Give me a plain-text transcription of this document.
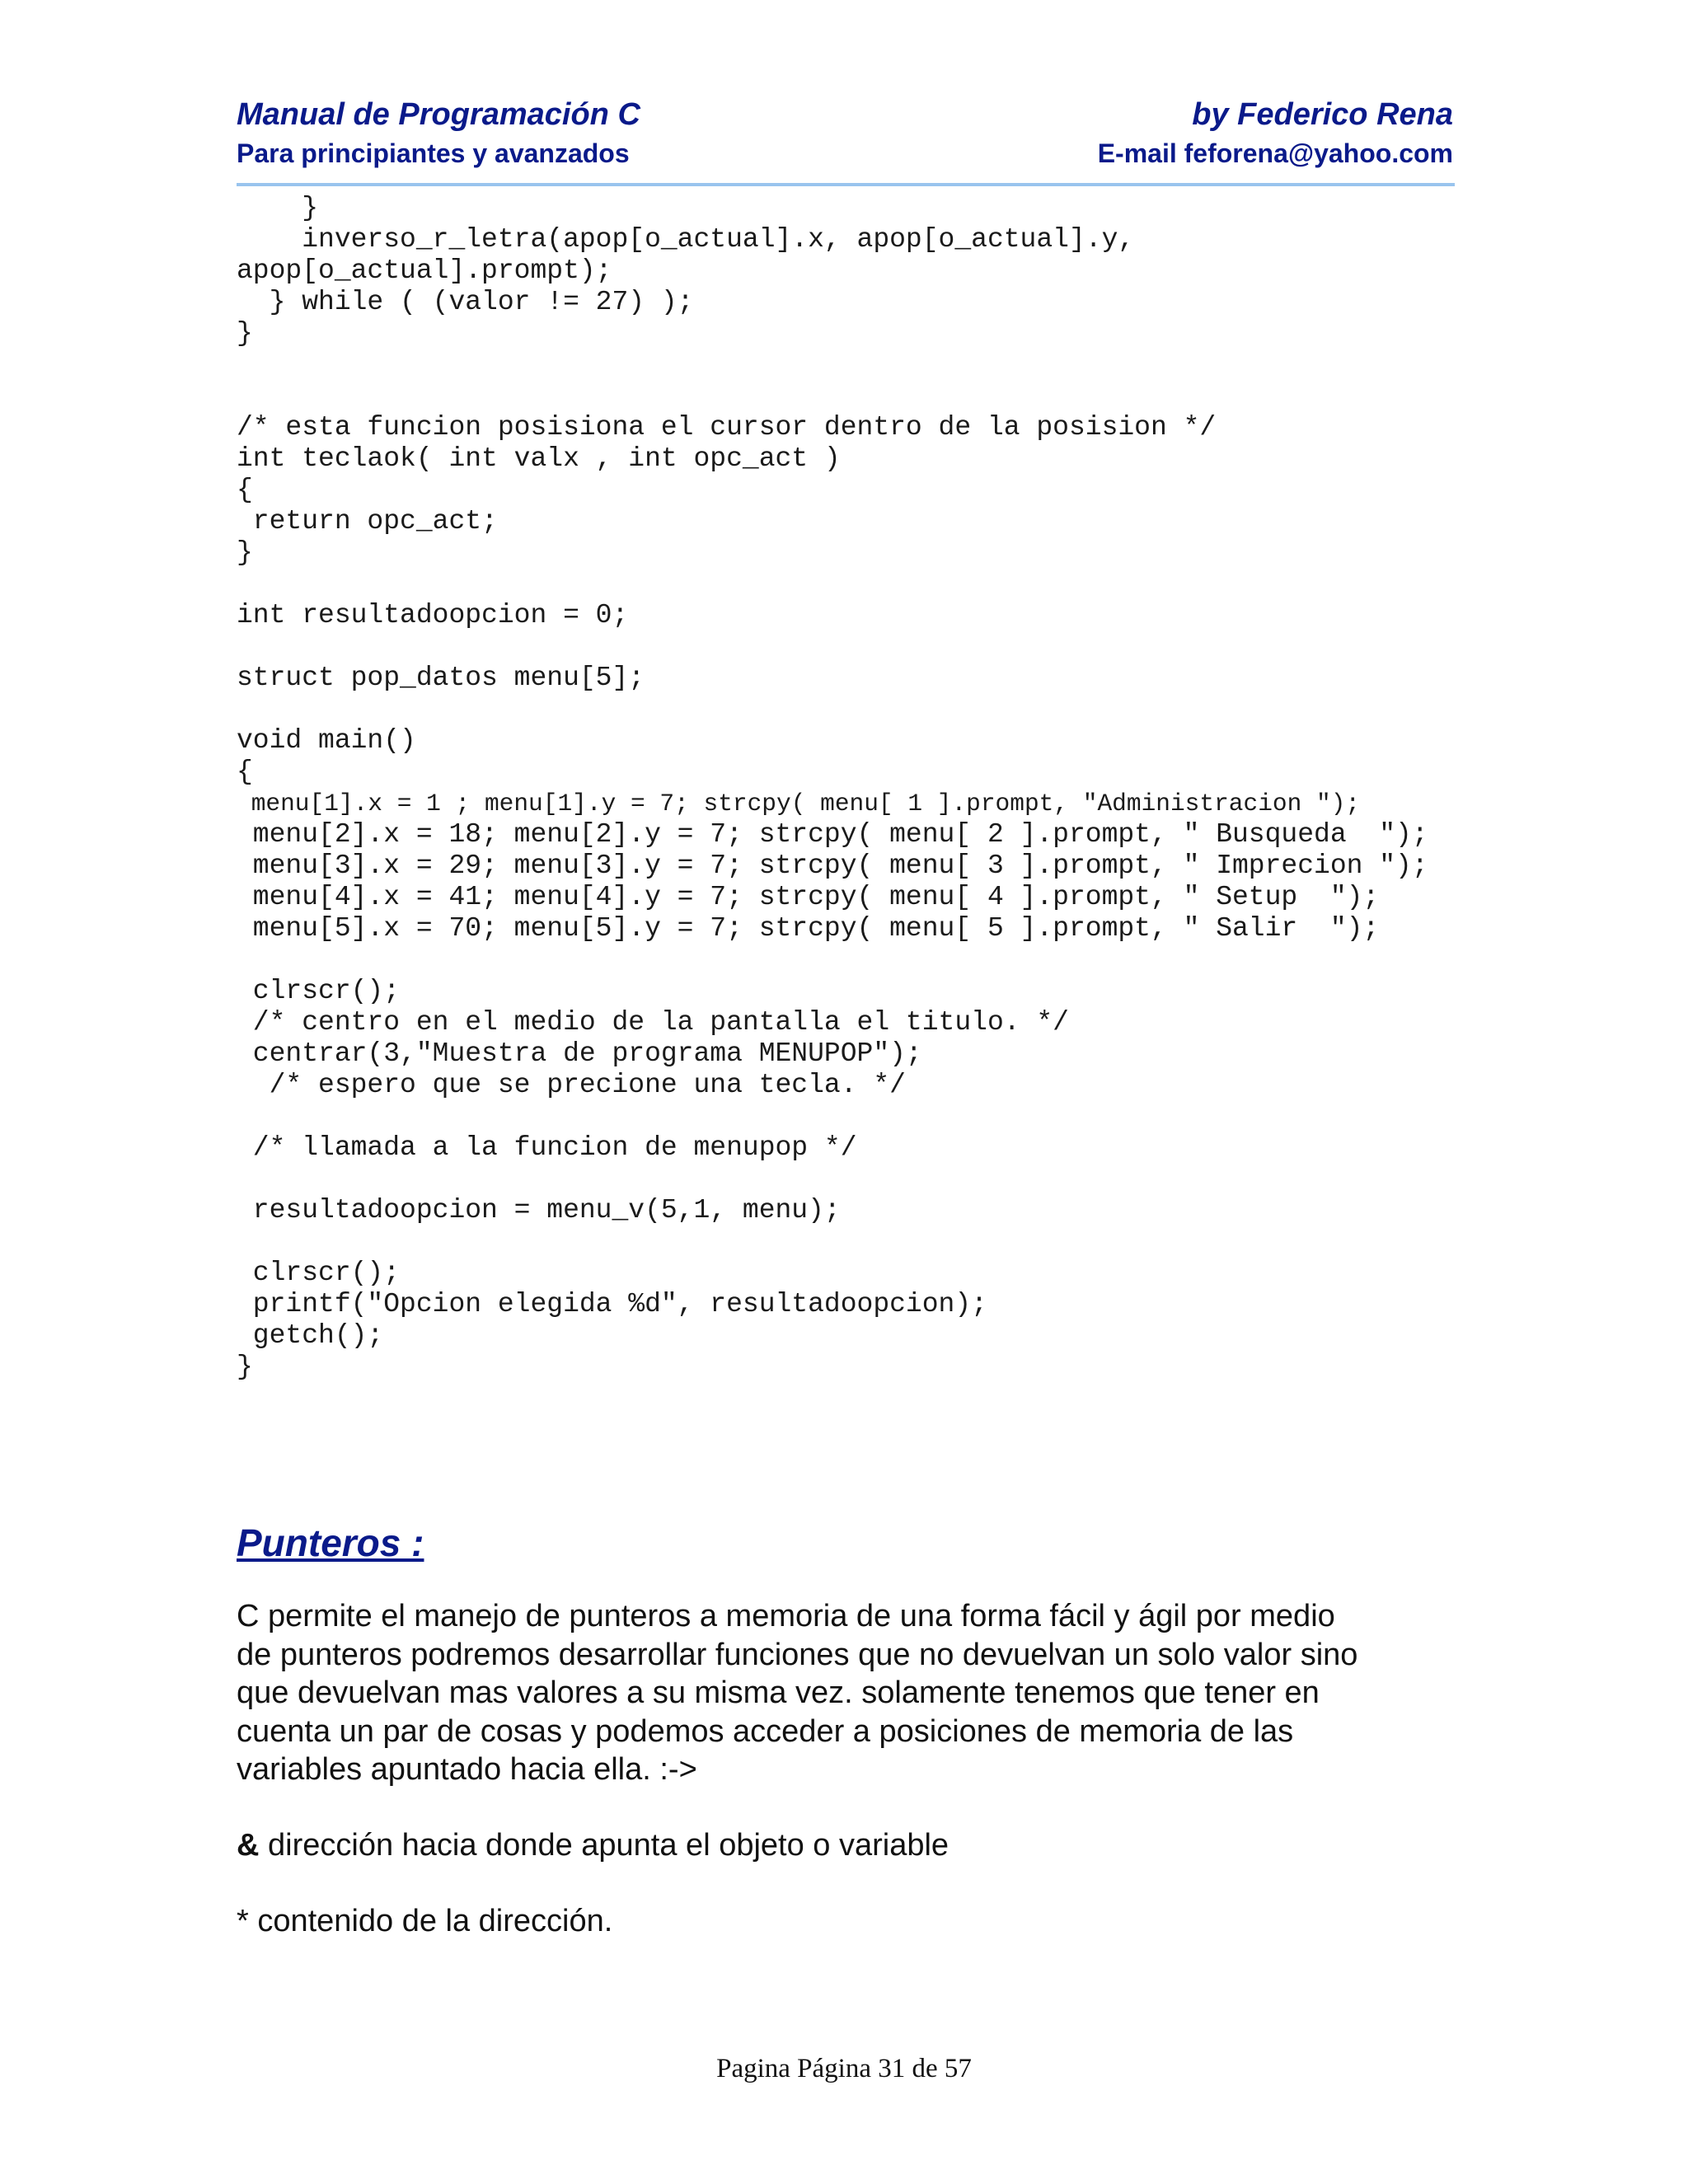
Manual de Programación C
Para principiantes y avanzados
by Federico Rena
E-mail feforena@yahoo.com
}
inverso_r_letra(apop[o_actual].x, apop[o_actual].y,
apop[o_actual].prompt);
} while ( (valor != 27) );
}
/* esta funcion posisiona el cursor dentro de la posision */
int teclaok( int valx , int opc_act )
{
return opc_act;
}
int resultadoopcion = 0;
struct pop_datos menu[5];
void main()
{
menu[1].x = 1 ; menu[1].y = 7; strcpy( menu[ 1 ].prompt, "Administracion ");
menu[2].x = 18; menu[2].y = 7; strcpy( menu[ 2 ].prompt, " Busqueda  ");
menu[3].x = 29; menu[3].y = 7; strcpy( menu[ 3 ].prompt, " Imprecion ");
menu[4].x = 41; menu[4].y = 7; strcpy( menu[ 4 ].prompt, " Setup  ");
menu[5].x = 70; menu[5].y = 7; strcpy( menu[ 5 ].prompt, " Salir  ");
clrscr();
/* centro en el medio de la pantalla el titulo. */
centrar(3,"Muestra de programa MENUPOP");
/* espero que se precione una tecla. */
/* llamada a la funcion de menupop */
resultadoopcion = menu_v(5,1, menu);
clrscr();
printf("Opcion elegida %d", resultadoopcion);
getch();
}
Punteros :
C permite el manejo de punteros a memoria de una forma fácil y ágil por medio
de punteros podremos desarrollar funciones que no devuelvan un solo valor sino
que devuelvan mas valores a su misma vez. solamente tenemos que tener en
cuenta un par de cosas y podemos acceder a posiciones de memoria de las
variables apuntado hacia ella. :->
& dirección hacia donde apunta el objeto o variable
* contenido de la dirección.
Pagina Página 31 de 57
